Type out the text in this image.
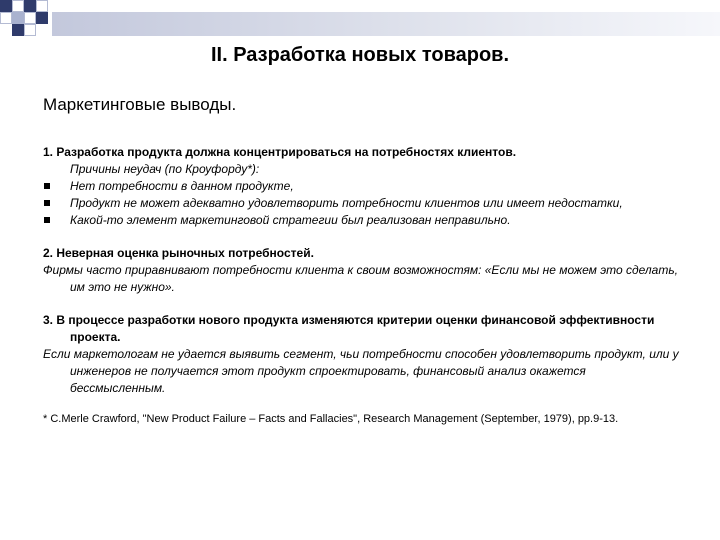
II. Разработка новых товаров.
Маркетинговые выводы.

1. Разработка продукта должна концентрироваться на потребностях клиентов.

Причины неудач (по Кроуфорду*):

Нет потребности в данном продукте,

Продукт не может адекватно удовлетворить потребности клиентов или имеет недостатки,

Какой-то элемент маркетинговой стратегии был реализован неправильно.

2. Неверная оценка рыночных потребностей.

Фирмы часто приравнивают потребности клиента к своим возможностям: «Если мы не можем это сделать, им это не нужно».

3. В процессе разработки нового продукта изменяются критерии оценки финансовой эффективности проекта.

Если маркетологам не удается выявить сегмент, чьи потребности способен удовлетворить продукт, или у инженеров не получается этот продукт спроектировать, финансовый анализ окажется бессмысленным.

* C.Merle Crawford, "New Product Failure – Facts and Fallacies", Research Management (September, 1979), pp.9-13.
